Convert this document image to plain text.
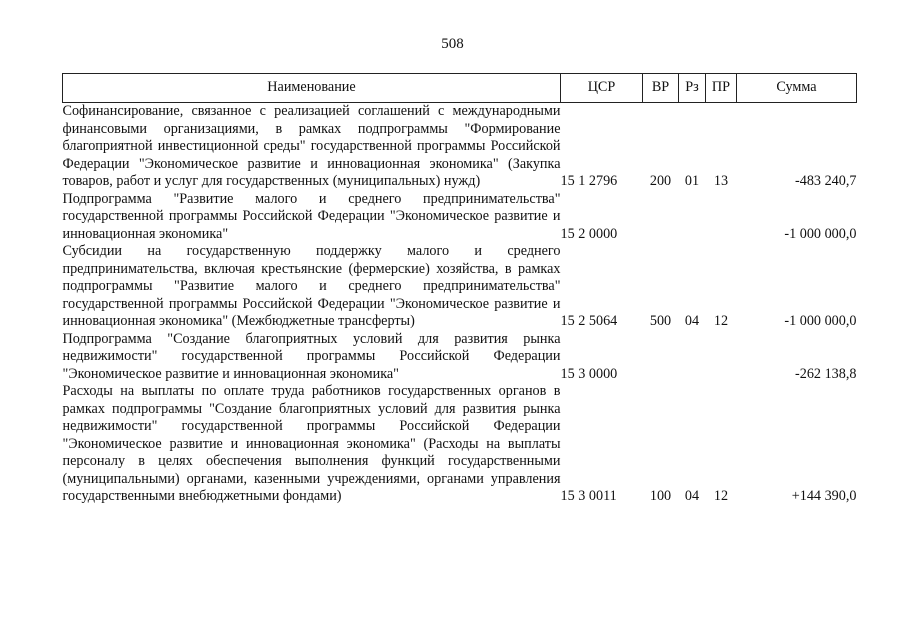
508
Наименование	ЦСР	ВР	Рз	ПР	Сумма
Софинансирование, связанное с реализацией соглашений с международными финансовыми организациями, в рамках подпрограммы "Формирование благоприятной инвестиционной среды" государственной программы Российской Федерации "Экономическое развитие и инновационная экономика" (Закупка товаров, работ и услуг для государственных (муниципальных) нужд)	15 1 2796	200	01	13	-483 240,7
Подпрограмма "Развитие малого и среднего предпринимательства" государственной программы Российской Федерации "Экономическое развитие и инновационная экономика"	15 2 0000				-1 000 000,0
Субсидии на государственную поддержку малого и среднего предпринимательства, включая крестьянские (фермерские) хозяйства, в рамках подпрограммы "Развитие малого и среднего предпринимательства" государственной программы Российской Федерации "Экономическое развитие и инновационная экономика" (Межбюджетные трансферты)	15 2 5064	500	04	12	-1 000 000,0
Подпрограмма "Создание благоприятных условий для развития рынка недвижимости" государственной программы Российской Федерации "Экономическое развитие и инновационная экономика"	15 3 0000				-262 138,8
Расходы на выплаты по оплате труда работников государственных органов в рамках подпрограммы "Создание благоприятных условий для развития рынка недвижимости" государственной программы Российской Федерации "Экономическое развитие и инновационная экономика" (Расходы на выплаты персоналу в целях обеспечения выполнения функций государственными (муниципальными) органами, казенными учреждениями, органами управления государственными внебюджетными фондами)	15 3 0011	100	04	12	+144 390,0
